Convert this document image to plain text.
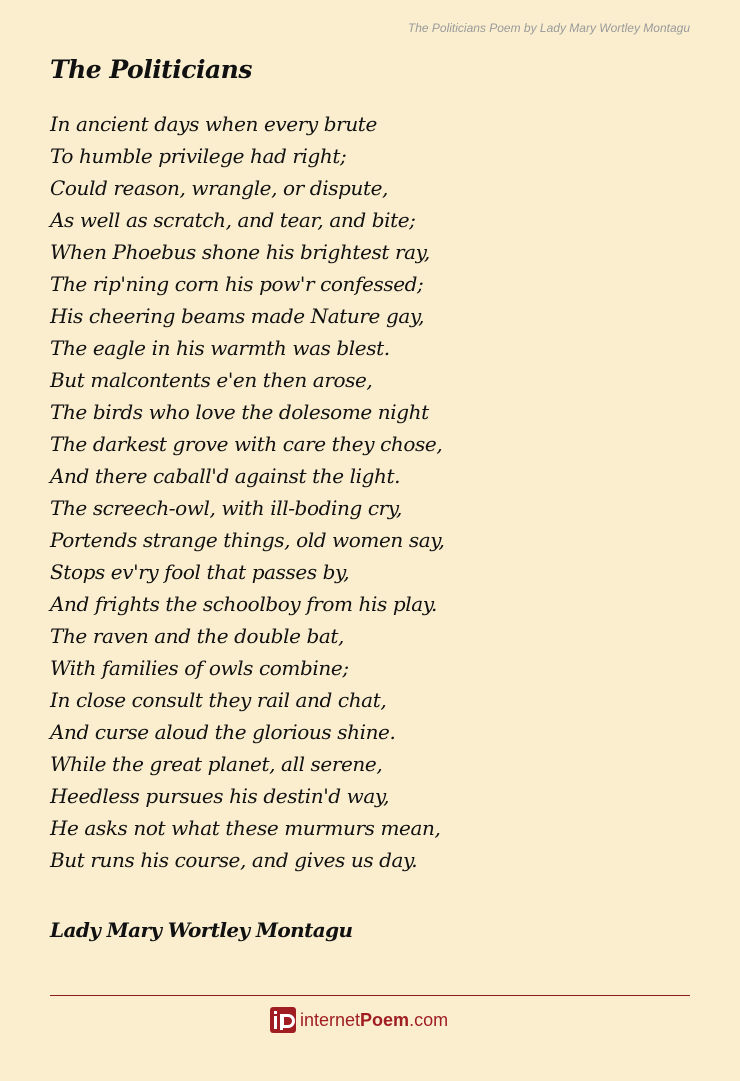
The Politicians Poem by Lady Mary Wortley Montagu
The Politicians
In ancient days when every brute
To humble privilege had right;
Could reason, wrangle, or dispute,
As well as scratch, and tear, and bite;
When Phoebus shone his brightest ray,
The rip'ning corn his pow'r confessed;
His cheering beams made Nature gay,
The eagle in his warmth was blest.
But malcontents e'en then arose,
The birds who love the dolesome night
The darkest grove with care they chose,
And there caball'd against the light.
The screech-owl, with ill-boding cry,
Portends strange things, old women say,
Stops ev'ry fool that passes by,
And frights the schoolboy from his play.
The raven and the double bat,
With families of owls combine;
In close consult they rail and chat,
And curse aloud the glorious shine.
While the great planet, all serene,
Heedless pursues his destin'd way,
He asks not what these murmurs mean,
But runs his course, and gives us day.
Lady Mary Wortley Montagu
internetPoem.com
